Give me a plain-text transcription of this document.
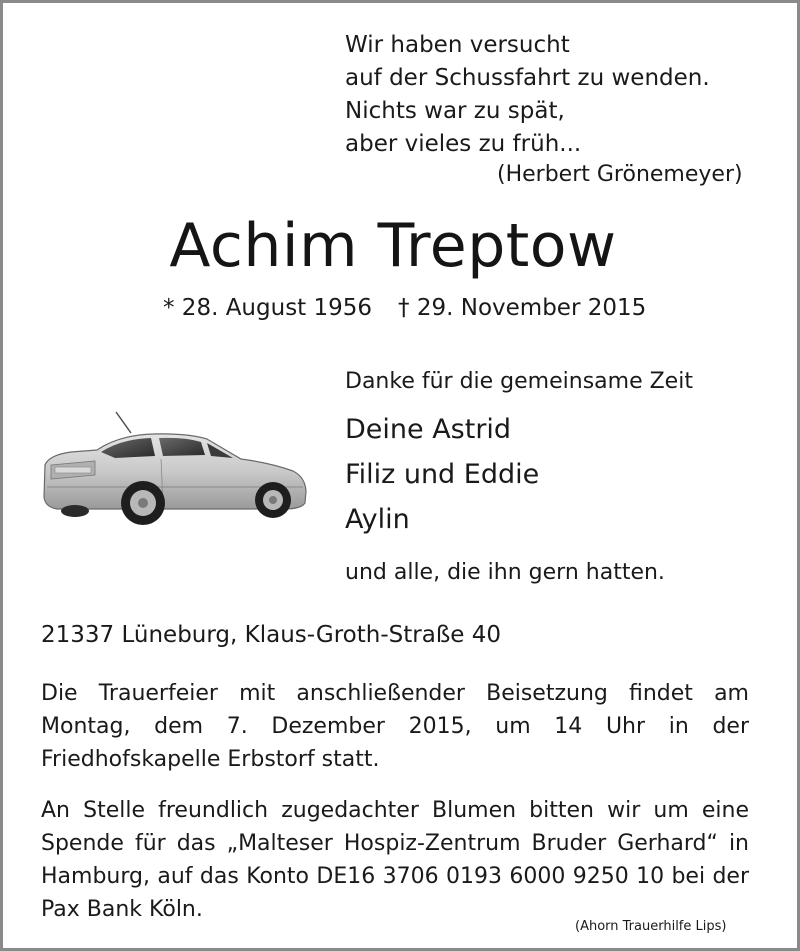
Wir haben versucht
auf der Schussfahrt zu wenden.
Nichts war zu spät,
aber vieles zu früh...
(Herbert Grönemeyer)
Achim Treptow
* 28. August 1956 † 29. November 2015
Danke für die gemeinsame Zeit
Deine Astrid
Filiz und Eddie
Aylin
und alle, die ihn gern hatten.
21337 Lüneburg, Klaus-Groth-Straße 40
Die Trauerfeier mit anschließender Beisetzung findet am Montag, dem 7. Dezember 2015, um 14 Uhr in der Friedhofskapelle Erbstorf statt.
An Stelle freundlich zugedachter Blumen bitten wir um eine Spende für das „Malteser Hospiz-Zentrum Bruder Gerhard“ in Hamburg, auf das Konto DE16 3706 0193 6000 9250 10 bei der Pax Bank Köln.
(Ahorn Trauerhilfe Lips)
